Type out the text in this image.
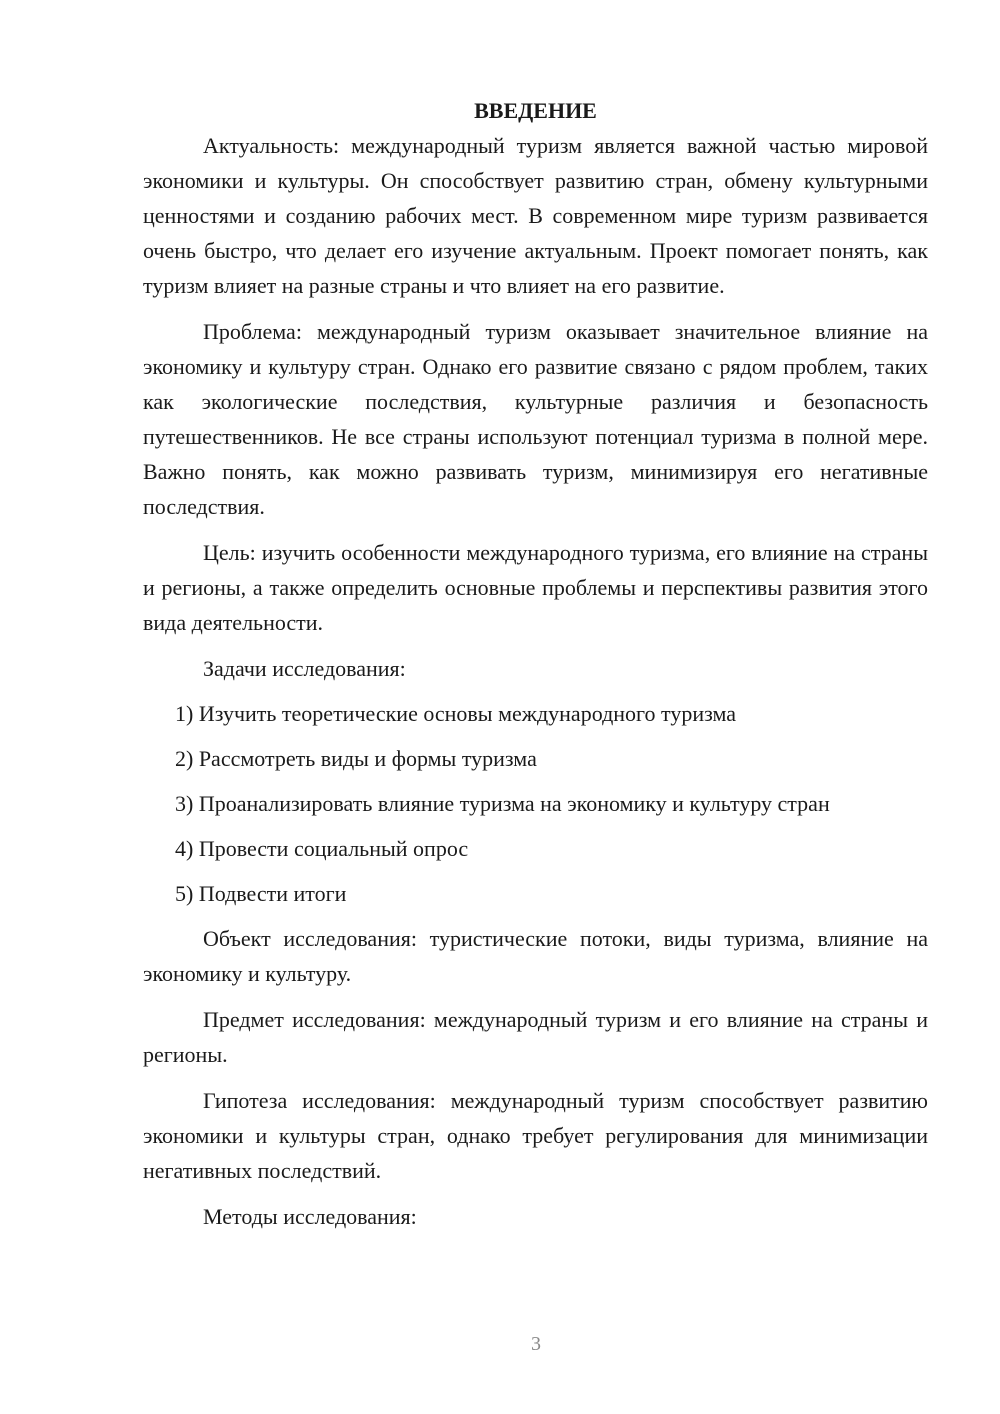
ВВЕДЕНИЕ

Актуальность: международный туризм является важной частью мировой экономики и культуры. Он способствует развитию стран, обмену культурными ценностями и созданию рабочих мест. В современном мире туризм развивается очень быстро, что делает его изучение актуальным. Проект помогает понять, как туризм влияет на разные страны и что влияет на его развитие.

Проблема: международный туризм оказывает значительное влияние на экономику и культуру стран. Однако его развитие связано с рядом проблем, таких как экологические последствия, культурные различия и безопасность путешественников. Не все страны используют потенциал туризма в полной мере. Важно понять, как можно развивать туризм, минимизируя его негативные последствия.

Цель: изучить особенности международного туризма, его влияние на страны и регионы, а также определить основные проблемы и перспективы развития этого вида деятельности.

Задачи исследования:

1) Изучить теоретические основы международного туризма
2) Рассмотреть виды и формы туризма
3) Проанализировать влияние туризма на экономику и культуру стран
4) Провести социальный опрос
5) Подвести итоги

Объект исследования: туристические потоки, виды туризма, влияние на экономику и культуру.

Предмет исследования: международный туризм и его влияние на страны и регионы.

Гипотеза исследования: международный туризм способствует развитию экономики и культуры стран, однако требует регулирования для минимизации негативных последствий.

Методы исследования:

3
